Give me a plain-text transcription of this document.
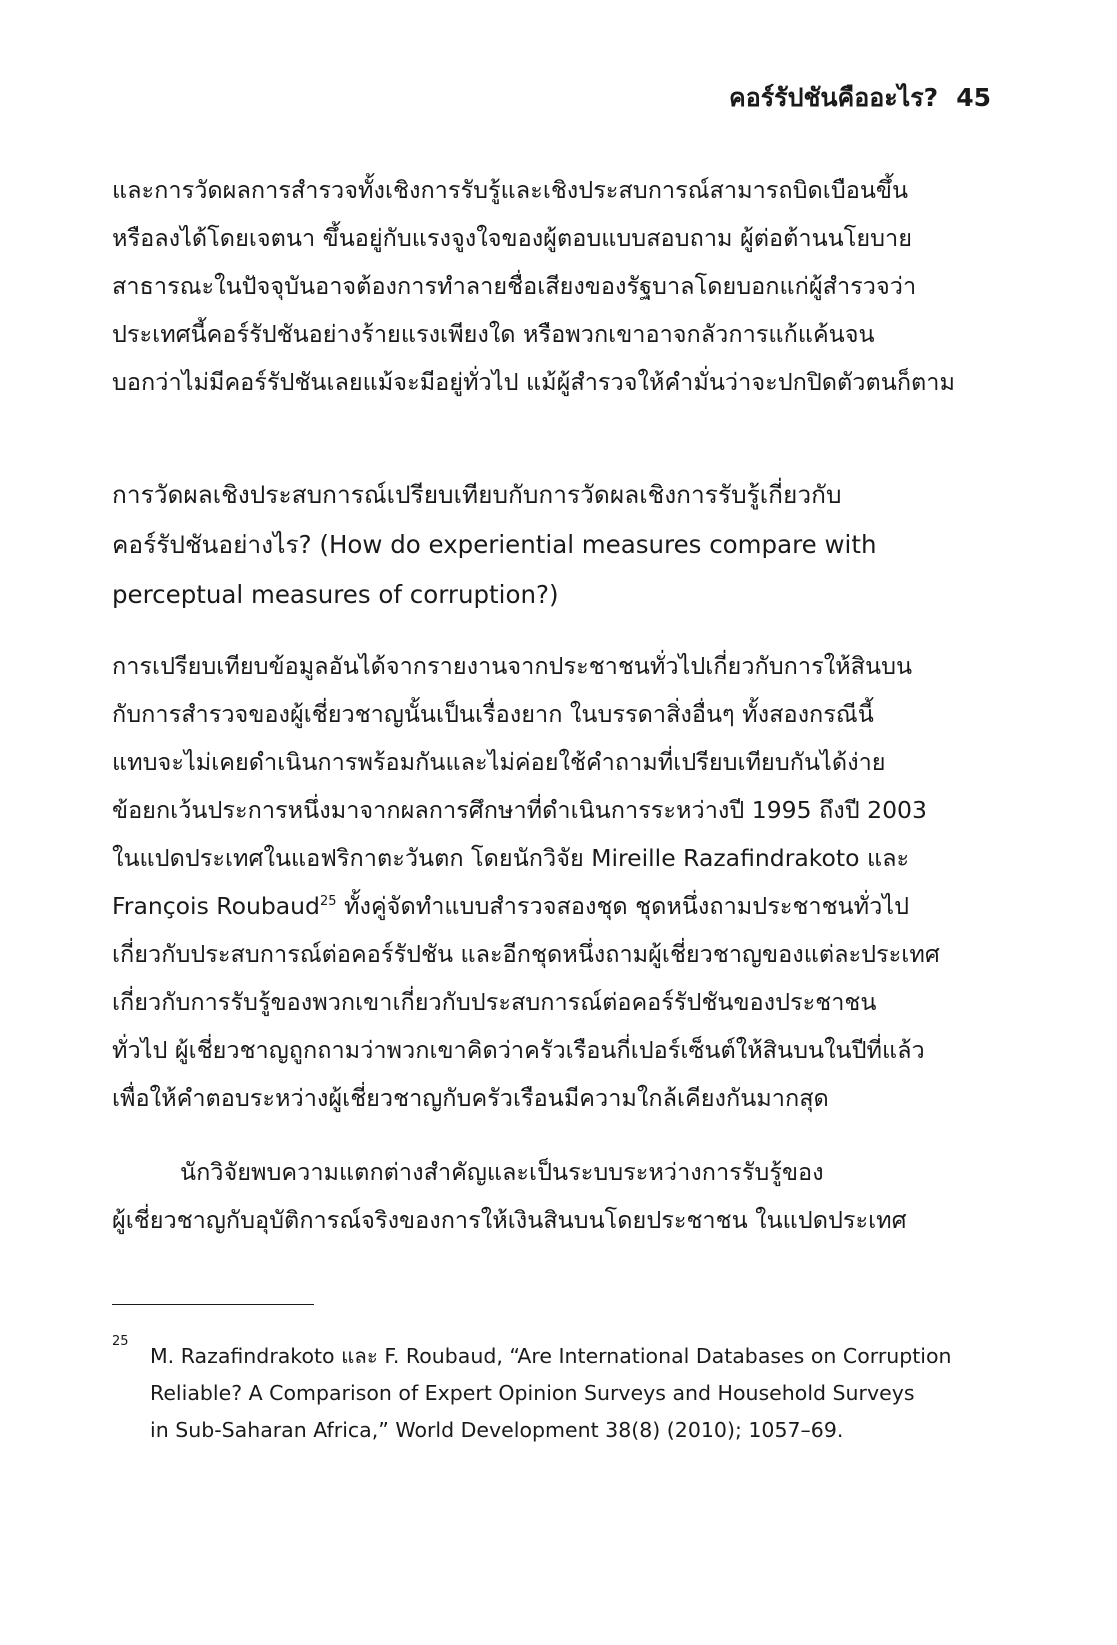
คอร์รัปชันคืออะไร? 45

และการวัดผลการสำรวจทั้งเชิงการรับรู้และเชิงประสบการณ์สามารถบิดเบือนขึ้น
หรือลงได้โดยเจตนา ขึ้นอยู่กับแรงจูงใจของผู้ตอบแบบสอบถาม ผู้ต่อต้านนโยบาย
สาธารณะในปัจจุบันอาจต้องการทำลายชื่อเสียงของรัฐบาลโดยบอกแก่ผู้สำรวจว่า
ประเทศนี้คอร์รัปชันอย่างร้ายแรงเพียงใด หรือพวกเขาอาจกลัวการแก้แค้นจน
บอกว่าไม่มีคอร์รัปชันเลยแม้จะมีอยู่ทั่วไป แม้ผู้สำรวจให้คำมั่นว่าจะปกปิดตัวตนก็ตาม

การวัดผลเชิงประสบการณ์เปรียบเทียบกับการวัดผลเชิงการรับรู้เกี่ยวกับ
คอร์รัปชันอย่างไร? (How do experiential measures compare with
perceptual measures of corruption?)

การเปรียบเทียบข้อมูลอันได้จากรายงานจากประชาชนทั่วไปเกี่ยวกับการให้สินบน
กับการสำรวจของผู้เชี่ยวชาญนั้นเป็นเรื่องยาก ในบรรดาสิ่งอื่นๆ ทั้งสองกรณีนี้
แทบจะไม่เคยดำเนินการพร้อมกันและไม่ค่อยใช้คำถามที่เปรียบเทียบกันได้ง่าย
ข้อยกเว้นประการหนึ่งมาจากผลการศึกษาที่ดำเนินการระหว่างปี 1995 ถึงปี 2003
ในแปดประเทศในแอฟริกาตะวันตก โดยนักวิจัย Mireille Razafindrakoto และ
François Roubaud$^{25}$ ทั้งคู่จัดทำแบบสำรวจสองชุด ชุดหนึ่งถามประชาชนทั่วไป
เกี่ยวกับประสบการณ์ต่อคอร์รัปชัน และอีกชุดหนึ่งถามผู้เชี่ยวชาญของแต่ละประเทศ
เกี่ยวกับการรับรู้ของพวกเขาเกี่ยวกับประสบการณ์ต่อคอร์รัปชันของประชาชน
ทั่วไป ผู้เชี่ยวชาญถูกถามว่าพวกเขาคิดว่าครัวเรือนกี่เปอร์เซ็นต์ให้สินบนในปีที่แล้ว
เพื่อให้คำตอบระหว่างผู้เชี่ยวชาญกับครัวเรือนมีความใกล้เคียงกันมากสุด

นักวิจัยพบความแตกต่างสำคัญและเป็นระบบระหว่างการรับรู้ของ
ผู้เชี่ยวชาญกับอุบัติการณ์จริงของการให้เงินสินบนโดยประชาชน ในแปดประเทศ

25
M. Razafindrakoto และ F. Roubaud, “Are International Databases on Corruption
Reliable? A Comparison of Expert Opinion Surveys and Household Surveys
in Sub-Saharan Africa,” World Development 38(8) (2010); 1057–69.
